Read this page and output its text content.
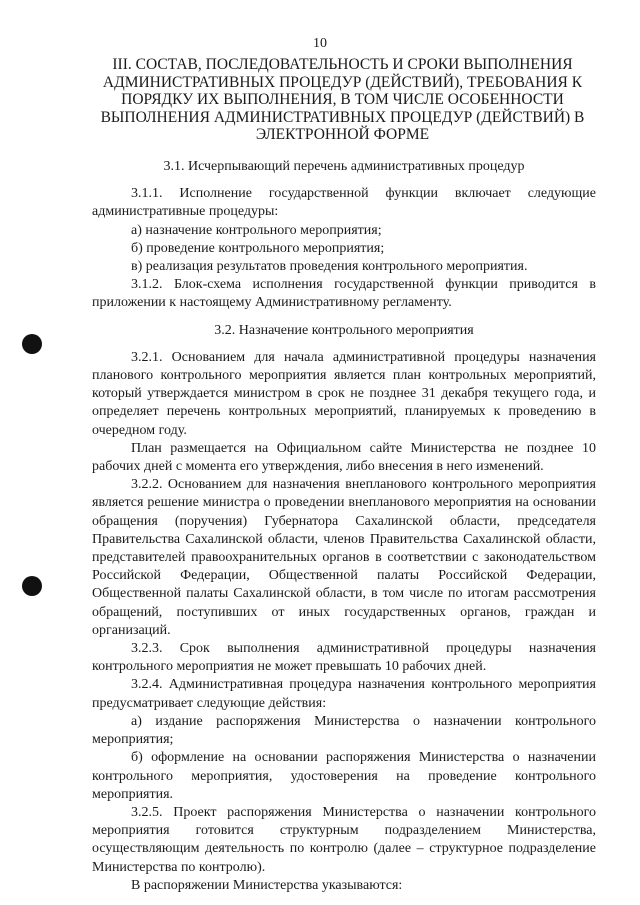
10
III. СОСТАВ, ПОСЛЕДОВАТЕЛЬНОСТЬ И СРОКИ ВЫПОЛНЕНИЯ АДМИНИСТРАТИВНЫХ ПРОЦЕДУР (ДЕЙСТВИЙ), ТРЕБОВАНИЯ К ПОРЯДКУ ИХ ВЫПОЛНЕНИЯ, В ТОМ ЧИСЛЕ ОСОБЕННОСТИ ВЫПОЛНЕНИЯ АДМИНИСТРАТИВНЫХ ПРОЦЕДУР (ДЕЙСТВИЙ) В ЭЛЕКТРОННОЙ ФОРМЕ

3.1. Исчерпывающий перечень административных процедур

3.1.1. Исполнение государственной функции включает следующие административные процедуры:

а) назначение контрольного мероприятия;

б) проведение контрольного мероприятия;

в) реализация результатов проведения контрольного мероприятия.

3.1.2. Блок-схема исполнения государственной функции приводится в приложении к настоящему Административному регламенту.

3.2. Назначение контрольного мероприятия

3.2.1. Основанием для начала административной процедуры назначения планового контрольного мероприятия является план контрольных мероприятий, который утверждается министром в срок не позднее 31 декабря текущего года, и определяет перечень контрольных мероприятий, планируемых к проведению в очередном году.

План размещается на Официальном сайте Министерства не позднее 10 рабочих дней с момента его утверждения, либо внесения в него изменений.

3.2.2. Основанием для назначения внепланового контрольного мероприятия является решение министра о проведении внепланового мероприятия на основании обращения (поручения) Губернатора Сахалинской области, председателя Правительства Сахалинской области, членов Правительства Сахалинской области, представителей правоохранительных органов в соответствии с законодательством Российской Федерации, Общественной палаты Российской Федерации, Общественной палаты Сахалинской области, в том числе по итогам рассмотрения обращений, поступивших от иных государственных органов, граждан и организаций.

3.2.3. Срок выполнения административной процедуры назначения контрольного мероприятия не может превышать 10 рабочих дней.

3.2.4. Административная процедура назначения контрольного мероприятия предусматривает следующие действия:

а) издание распоряжения Министерства о назначении контрольного мероприятия;

б) оформление на основании распоряжения Министерства о назначении контрольного мероприятия, удостоверения на проведение контрольного мероприятия.

3.2.5. Проект распоряжения Министерства о назначении контрольного мероприятия готовится структурным подразделением Министерства, осуществляющим деятельность по контролю (далее – структурное подразделение Министерства по контролю).

В распоряжении Министерства указываются:
